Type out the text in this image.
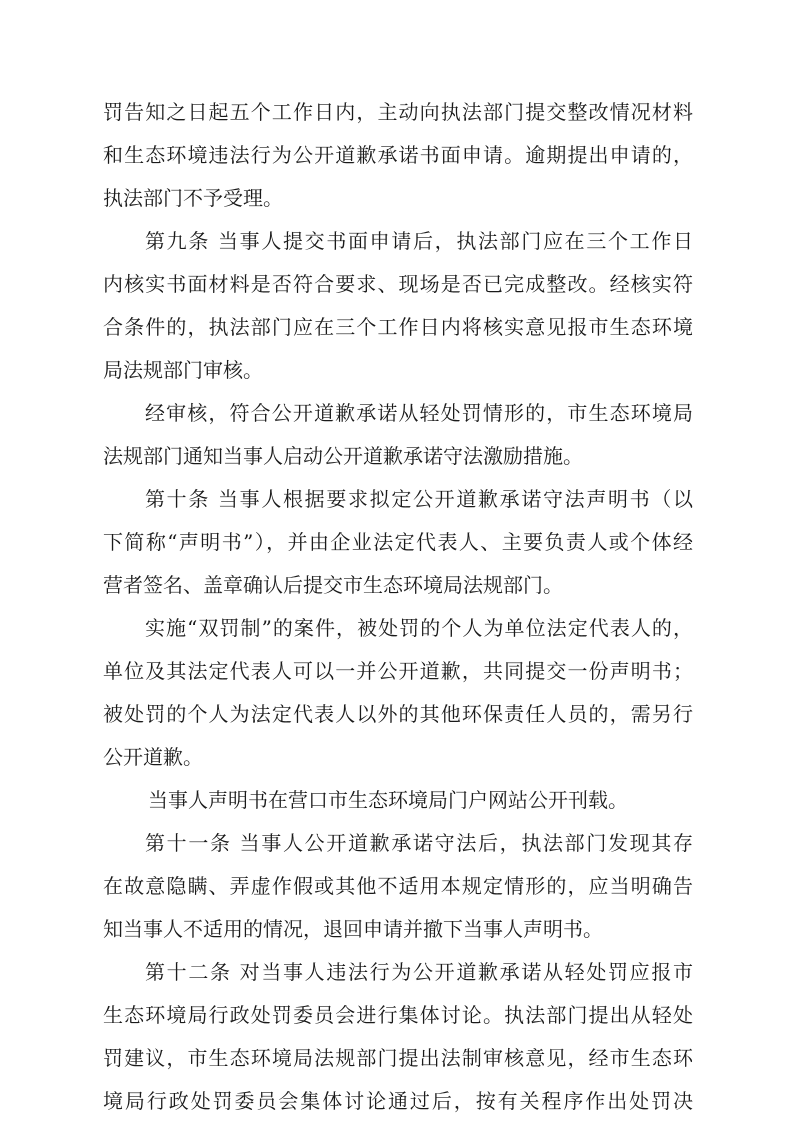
罚告知之日起五个工作日内，主动向执法部门提交整改情况材料
和生态环境违法行为公开道歉承诺书面申请。逾期提出申请的，
执法部门不予受理。
第九条 当事人提交书面申请后，执法部门应在三个工作日
内核实书面材料是否符合要求、现场是否已完成整改。经核实符
合条件的，执法部门应在三个工作日内将核实意见报市生态环境
局法规部门审核。
经审核，符合公开道歉承诺从轻处罚情形的，市生态环境局
法规部门通知当事人启动公开道歉承诺守法激励措施。
第十条 当事人根据要求拟定公开道歉承诺守法声明书（以
下简称“声明书”），并由企业法定代表人、主要负责人或个体经
营者签名、盖章确认后提交市生态环境局法规部门。
实施“双罚制”的案件，被处罚的个人为单位法定代表人的，
单位及其法定代表人可以一并公开道歉，共同提交一份声明书；
被处罚的个人为法定代表人以外的其他环保责任人员的，需另行
公开道歉。
当事人声明书在营口市生态环境局门户网站公开刊载。
第十一条 当事人公开道歉承诺守法后，执法部门发现其存
在故意隐瞒、弄虚作假或其他不适用本规定情形的，应当明确告
知当事人不适用的情况，退回申请并撤下当事人声明书。
第十二条 对当事人违法行为公开道歉承诺从轻处罚应报市
生态环境局行政处罚委员会进行集体讨论。执法部门提出从轻处
罚建议，市生态环境局法规部门提出法制审核意见，经市生态环
境局行政处罚委员会集体讨论通过后，按有关程序作出处罚决
